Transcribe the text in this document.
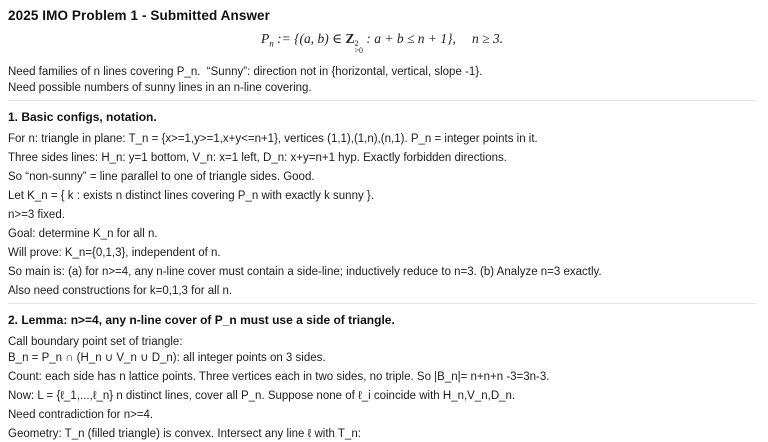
2025 IMO Problem 1 - Submitted Answer
$P_n$ := {(a, b) ∈ Z 2
>0
: a + b ≤ n + 1}, n ≥ 3.

Need families of n lines covering P_n.  “Sunny”: direction not in {horizontal, vertical, slope -1}.

Need possible numbers of sunny lines in an n-line covering.

1. Basic configs, notation.

For n: triangle in plane: T_n = {x>=1,y>=1,x+y<=n+1}, vertices (1,1),(1,n),(n,1). P_n = integer points in it.

Three sides lines: H_n: y=1 bottom, V_n: x=1 left, D_n: x+y=n+1 hyp. Exactly forbidden directions.

So “non-sunny” = line parallel to one of triangle sides. Good.

Let K_n = { k : exists n distinct lines covering P_n with exactly k sunny }.

n>=3 fixed.

Goal: determine K_n for all n.

Will prove: K_n={0,1,3}, independent of n.

So main is: (a) for n>=4, any n-line cover must contain a side-line; inductively reduce to n=3. (b) Analyze n=3 exactly.

Also need constructions for k=0,1,3 for all n.

2. Lemma: n>=4, any n-line cover of P_n must use a side of triangle.

Call boundary point set of triangle:

B_n = P_n ∩ (H_n ∪ V_n ∪ D_n): all integer points on 3 sides.

Count: each side has n lattice points. Three vertices each in two sides, no triple. So |B_n|= n+n+n -3=3n-3.

Now: L = {ℓ_1,...,ℓ_n} n distinct lines, cover all P_n. Suppose none of ℓ_i coincide with H_n,V_n,D_n.

Need contradiction for n>=4.

Geometry: T_n (filled triangle) is convex. Intersect any line ℓ with T_n:
